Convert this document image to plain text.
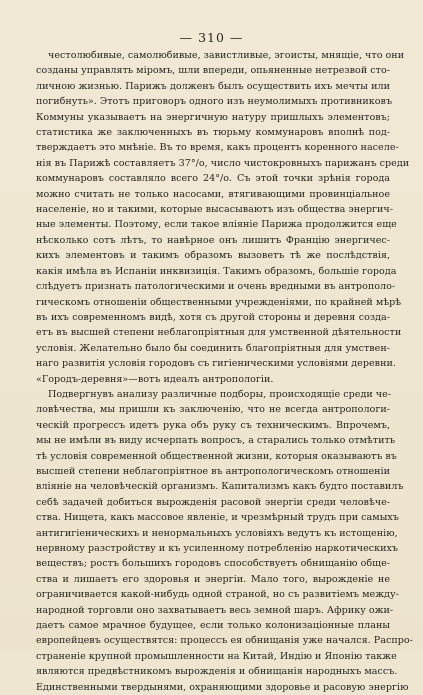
— 310 —
честолюбивые, самолюбивые, завистливые, эгоисты, мнящіе, что они
созданы управлять міромъ, шли впереди, опьяненные нетрезвой сто-
личною жизнью. Парижъ долженъ былъ осуществить ихъ мечты или
погибнуть». Этотъ приговоръ одного изъ неумолимыхъ противниковъ
Коммуны указываетъ на энергичную натуру пришлыхъ элементовъ;
статистика же заключенныхъ въ тюрьму коммунаровъ вполнѣ под-
тверждаетъ это мнѣніе. Въ то время, какъ процентъ коренного населе-
нія въ Парижѣ составляетъ 37°/о, число чистокровныхъ парижанъ среди
коммунаровъ составляло всего 24°/о. Съ этой точки зрѣнія города
можно считать не только насосами, втягивающими провинціальное
населеніе, но и такими, которые высасываютъ изъ общества энергич-
ные элементы. Поэтому, если такое вліяніе Парижа продолжится еще
нѣсколько сотъ лѣтъ, то навѣрное онъ лишитъ Францію энергичес-
кихъ элементовъ и такимъ образомъ вызоветъ тѣ же послѣдствія,
какія имѣла въ Испаніи инквизиція. Такимъ образомъ, большіе города
слѣдуетъ признать патологическими и очень вредными въ антрополо-
гическомъ отношеніи общественными учрежденіями, по крайней мѣрѣ
въ ихъ современномъ видѣ, хотя съ другой стороны и деревня созда-
етъ въ высшей степени неблагопріятныя для умственной дѣятельности
условія. Желательно было бы соединить благопріятныя для умствен-
наго развитія условія городовъ съ гигіеническими условіями деревни.
«Городъ-деревня»—вотъ идеалъ антропологіи.
Подвергнувъ анализу различные подборы, происходящіе среди че-
ловѣчества, мы пришли къ заключенію, что не всегда антропологи-
ческій прогрессъ идетъ рука объ руку съ техническимъ. Впрочемъ,
мы не имѣли въ виду исчерпать вопросъ, а старались только отмѣтить
тѣ условія современной общественной жизни, которыя оказываютъ въ
высшей степени неблагопріятное въ антропологическомъ отношеніи
вліяніе на человѣческій организмъ. Капитализмъ какъ будто поставилъ
себѣ задачей добиться вырожденія расовой энергіи среди человѣче-
ства. Нищета, какъ массовое явленіе, и чрезмѣрный трудъ при самыхъ
антигигіеническихъ и ненормальныхъ условіяхъ ведутъ къ истощенію,
нервному разстройству и къ усиленному потребленію наркотическихъ
веществъ; ростъ большихъ городовъ способствуетъ обнищанію обще-
ства и лишаетъ его здоровья и энергіи. Мало того, вырожденіе не
ограничивается какой-нибудь одной страной, но съ развитіемъ между-
народной торговли оно захватываетъ весь земной шаръ. Африку ожи-
даетъ самое мрачное будущее, если только колонизаціонные планы
европейцевъ осуществятся: процессъ ея обнищанія уже начался. Распро-
страненіе крупной промышленности на Китай, Индію и Японію также
являются предвѣстникомъ вырожденія и обнищанія народныхъ массъ.
Единственными твердынями, охраняющими здоровье и расовую энергію
